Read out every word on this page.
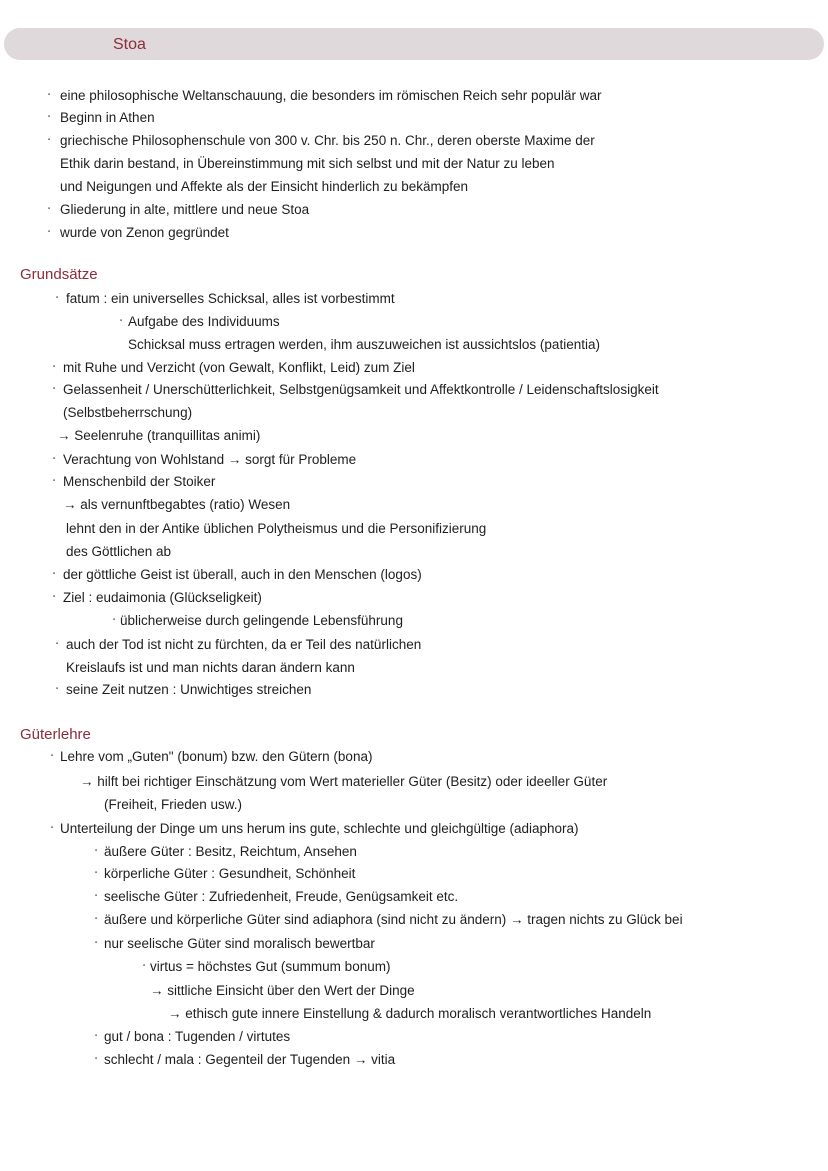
Stoa
· eine philosophische Weltanschauung, die besonders im römischen Reich sehr populär war
· Beginn in Athen
· griechische Philosophenschule von 300 v. Chr. bis 250 n. Chr., deren oberste Maxime der
Ethik darin bestand, in Übereinstimmung mit sich selbst und mit der Natur zu leben
und Neigungen und Affekte als der Einsicht hinderlich zu bekämpfen
· Gliederung in alte, mittlere und neue Stoa
· wurde von Zenon gegründet
Grundsätze
· fatum : ein universelles Schicksal, alles ist vorbestimmt
· Aufgabe des Individuums
Schicksal muss ertragen werden, ihm auszuweichen ist aussichtslos (patientia)
· mit Ruhe und Verzicht (von Gewalt, Konflikt, Leid) zum Ziel
· Gelassenheit / Unerschütterlichkeit, Selbstgenügsamkeit und Affektkontrolle / Leidenschaftslosigkeit
(Selbstbeherrschung)
→ Seelenruhe (tranquillitas animi)
· Verachtung von Wohlstand → sorgt für Probleme
· Menschenbild der Stoiker
→ als vernunftbegabtes (ratio) Wesen
lehnt den in der Antike üblichen Polytheismus und die Personifizierung
des Göttlichen ab
· der göttliche Geist ist überall, auch in den Menschen (logos)
· Ziel : eudaimonia (Glückseligkeit)
· üblicherweise durch gelingende Lebensführung
· auch der Tod ist nicht zu fürchten, da er Teil des natürlichen
Kreislaufs ist und man nichts daran ändern kann
· seine Zeit nutzen : Unwichtiges streichen
Güterlehre
· Lehre vom „Guten" (bonum) bzw. den Gütern (bona)
→ hilft bei richtiger Einschätzung vom Wert materieller Güter (Besitz) oder ideeller Güter
(Freiheit, Frieden usw.)
· Unterteilung der Dinge um uns herum ins gute, schlechte und gleichgültige (adiaphora)
· äußere Güter : Besitz, Reichtum, Ansehen
· körperliche Güter : Gesundheit, Schönheit
· seelische Güter : Zufriedenheit, Freude, Genügsamkeit etc.
· äußere und körperliche Güter sind adiaphora (sind nicht zu ändern) → tragen nichts zu Glück bei
· nur seelische Güter sind moralisch bewertbar
· virtus = höchstes Gut (summum bonum)
→ sittliche Einsicht über den Wert der Dinge
→ ethisch gute innere Einstellung & dadurch moralisch verantwortliches Handeln
· gut / bona : Tugenden / virtutes
· schlecht / mala : Gegenteil der Tugenden → vitia
